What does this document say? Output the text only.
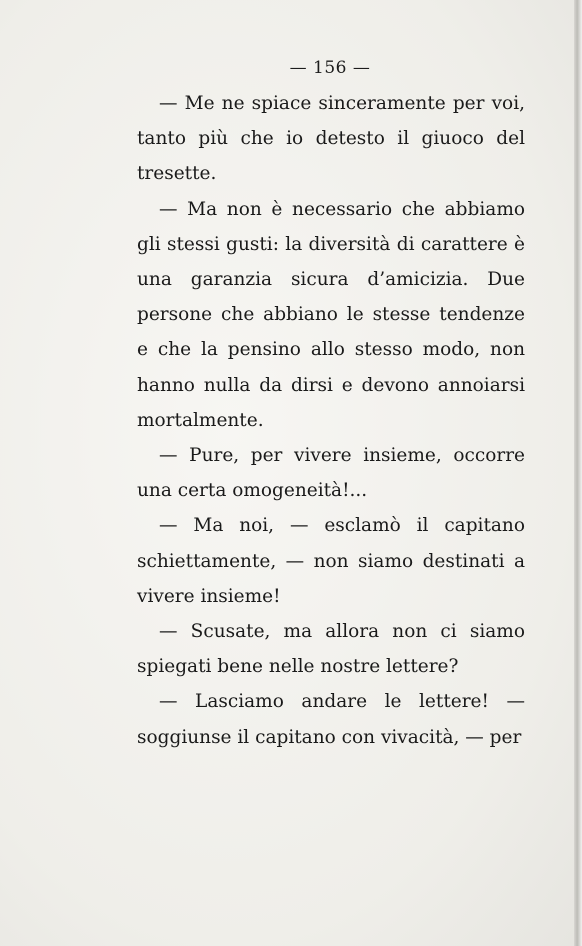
— 156 —

— Me ne spiace sinceramente per voi, tanto più che io detesto il giuoco del tresette.

— Ma non è necessario che abbiamo gli stessi gusti: la diversità di carattere è una garanzia sicura d’amicizia. Due persone che abbiano le stesse tendenze e che la pensino allo stesso modo, non hanno nulla da dirsi e devono annoiarsi mortalmente.

— Pure, per vivere insieme, occorre una certa omogeneità!...

— Ma noi, — esclamò il capitano schiettamente, — non siamo destinati a vivere insieme!

— Scusate, ma allora non ci siamo spiegati bene nelle nostre lettere?

— Lasciamo andare le lettere! — soggiunse il capitano con vivacità, — per
